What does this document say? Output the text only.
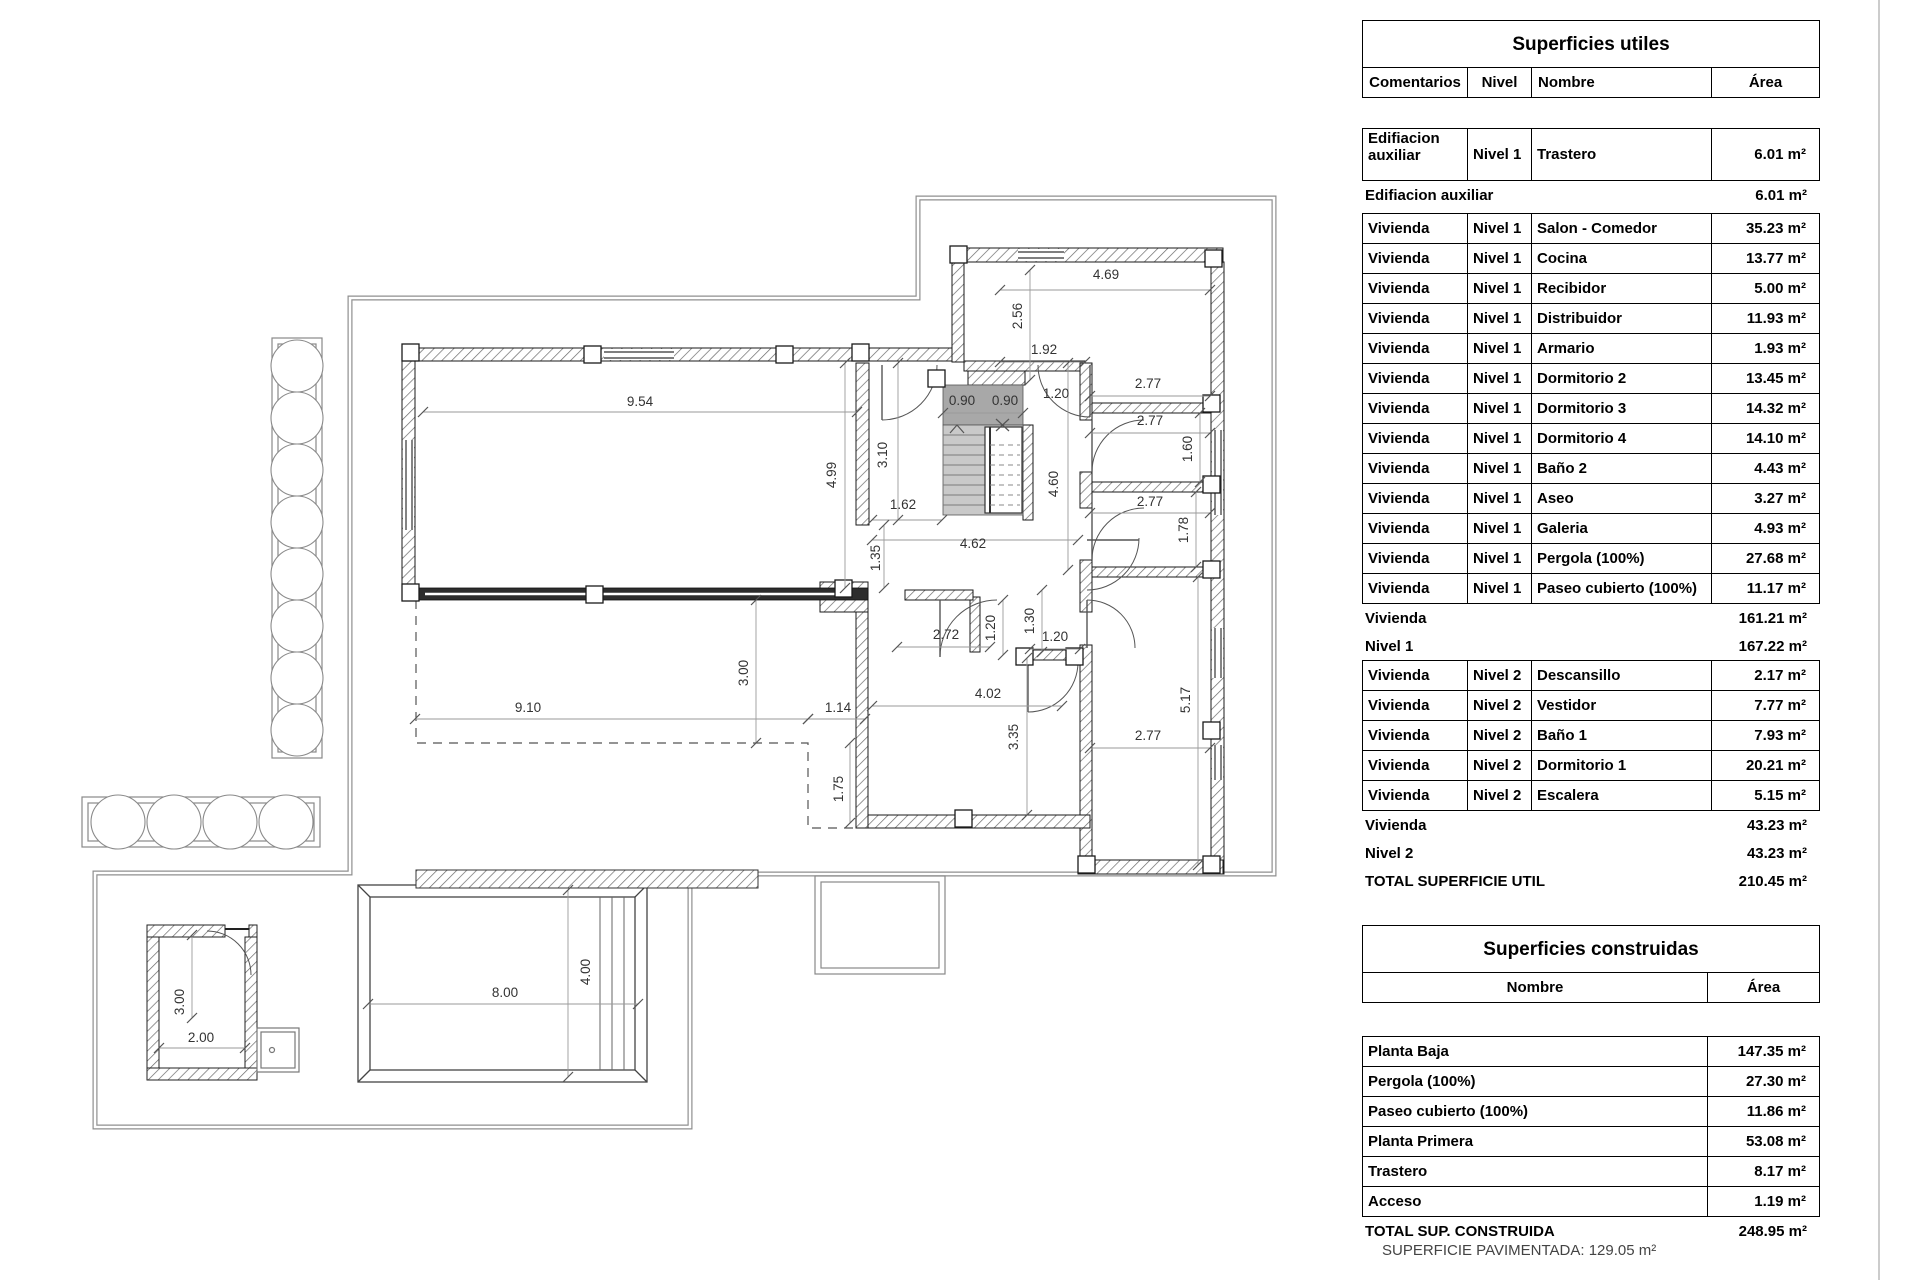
9.54
4.99
3.10
1.62
4.62
1.35
0.90 0.90
2.56
1.92
4.69
1.20
2.77
2.77
1.60
2.77
1.78
4.60
2.72 1.20 1.30
1.20
4.02
3.35	2.77
5.17
3.00
9.10	1.14
1.75
8.00
4.00
3.00
2.00
Superficies utiles
Comentarios	Nivel	Nombre	Área
Edifiacion auxiliar	Nivel 1	Trastero	6.01 m²
Edifiacion auxiliar	6.01 m²
Vivienda	Nivel 1	Salon - Comedor	35.23 m²
Vivienda	Nivel 1	Cocina	13.77 m²
Vivienda	Nivel 1	Recibidor	5.00 m²
Vivienda	Nivel 1	Distribuidor	11.93 m²
Vivienda	Nivel 1	Armario	1.93 m²
Vivienda	Nivel 1	Dormitorio 2	13.45 m²
Vivienda	Nivel 1	Dormitorio 3	14.32 m²
Vivienda	Nivel 1	Dormitorio 4	14.10 m²
Vivienda	Nivel 1	Baño 2	4.43 m²
Vivienda	Nivel 1	Aseo	3.27 m²
Vivienda	Nivel 1	Galeria	4.93 m²
Vivienda	Nivel 1	Pergola (100%)	27.68 m²
Vivienda	Nivel 1	Paseo cubierto (100%)	11.17 m²
Vivienda	161.21 m²
Nivel 1	167.22 m²
Vivienda	Nivel 2	Descansillo	2.17 m²
Vivienda	Nivel 2	Vestidor	7.77 m²
Vivienda	Nivel 2	Baño 1	7.93 m²
Vivienda	Nivel 2	Dormitorio 1	20.21 m²
Vivienda	Nivel 2	Escalera	5.15 m²
Vivienda	43.23 m²
Nivel 2	43.23 m²
TOTAL SUPERFICIE UTIL	210.45 m²
Superficies construidas
Nombre	Área
Planta Baja	147.35 m²
Pergola (100%)	27.30 m²
Paseo cubierto (100%)	11.86 m²
Planta Primera	53.08 m²
Trastero	8.17 m²
Acceso	1.19 m²
TOTAL SUP. CONSTRUIDA	248.95 m²
SUPERFICIE PAVIMENTADA: 129.05 m²
